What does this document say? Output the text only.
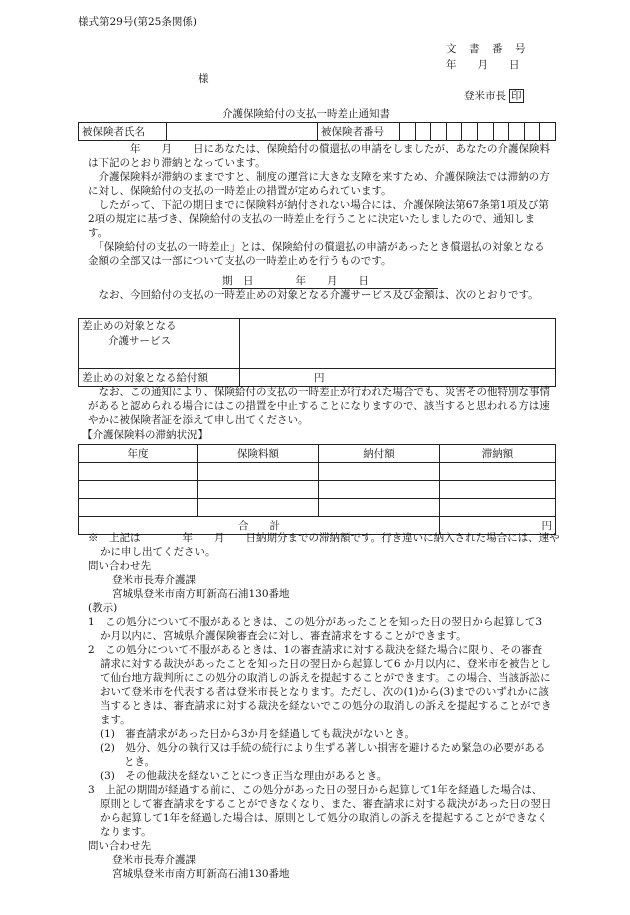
様式第29号(第25条関係)
文　書　番　号
年　　月　　日
様
登米市長 印
介護保険給付の支払一時差止通知書
被保険者氏名		被保険者番号										
　　　　年　　月　　日にあなたは、保険給付の償還払の申請をしましたが、あなたの介護保険料は下記のとおり滞納となっています。
　介護保険料が滞納のままですと、制度の運営に大きな支障を来すため、介護保険法では滞納の方に対し、保険給付の支払の一時差止の措置が定められています。
　したがって、下記の期日までに保険料が納付されない場合には、介護保険法第67条第1項及び第2項の規定に基づき、保険給付の支払の一時差止を行うことに決定いたしましたので、通知します。
　「保険給付の支払の一時差止」とは、保険給付の償還払の申請があったとき償還払の対象となる金額の全部又は一部について支払の一時差止めを行うものです。
期　日　　　　年　　月　　日
　なお、今回給付の支払の一時差止めの対象となる介護サービス及び金額は、次のとおりです。
差止めの対象となる
介護サービス	

差止めの対象となる給付額	円
　なお、この通知により、保険給付の支払の一時差止が行われた場合でも、災害その他特別な事情があると認められる場合にはこの措置を中止することになりますので、該当すると思われる方は速やかに被保険者証を添えて申し出てください。
【介護保険料の滞納状況】
年度	保険料額	納付額	滞納額

合　　計			円
※　上記は　　　　年　　月　　日納期分までの滞納額です。行き違いに納入された場合には、速やかに申し出てください。
問い合わせ先
登米市長寿介護課
宮城県登米市南方町新高石浦130番地
(教示)
1　この処分について不服があるときは、この処分があったことを知った日の翌日から起算して3か月以内に、宮城県介護保険審査会に対し、審査請求をすることができます。
2　この処分について不服があるときは、1の審査請求に対する裁決を経た場合に限り、その審査請求に対する裁決があったことを知った日の翌日から起算して6 か月以内に、登米市を被告として仙台地方裁判所にこの処分の取消しの訴えを提起することができます。この場合、当該訴訟において登米市を代表する者は登米市長となります。ただし、次の(1)から(3)までのいずれかに該当するときは、審査請求に対する裁決を経ないでこの処分の取消しの訴えを提起することができます。
(1)　審査請求があった日から3か月を経過しても裁決がないとき。
(2)　処分、処分の執行又は手続の続行により生ずる著しい損害を避けるため緊急の必要があるとき。
(3)　その他裁決を経ないことにつき正当な理由があるとき。
3　上記の期間が経過する前に、この処分があった日の翌日から起算して1年を経過した場合は、原則として審査請求をすることができなくなり、また、審査請求に対する裁決があった日の翌日から起算して1年を経過した場合は、原則として処分の取消しの訴えを提起することができなくなります。
問い合わせ先
登米市長寿介護課
宮城県登米市南方町新高石浦130番地
